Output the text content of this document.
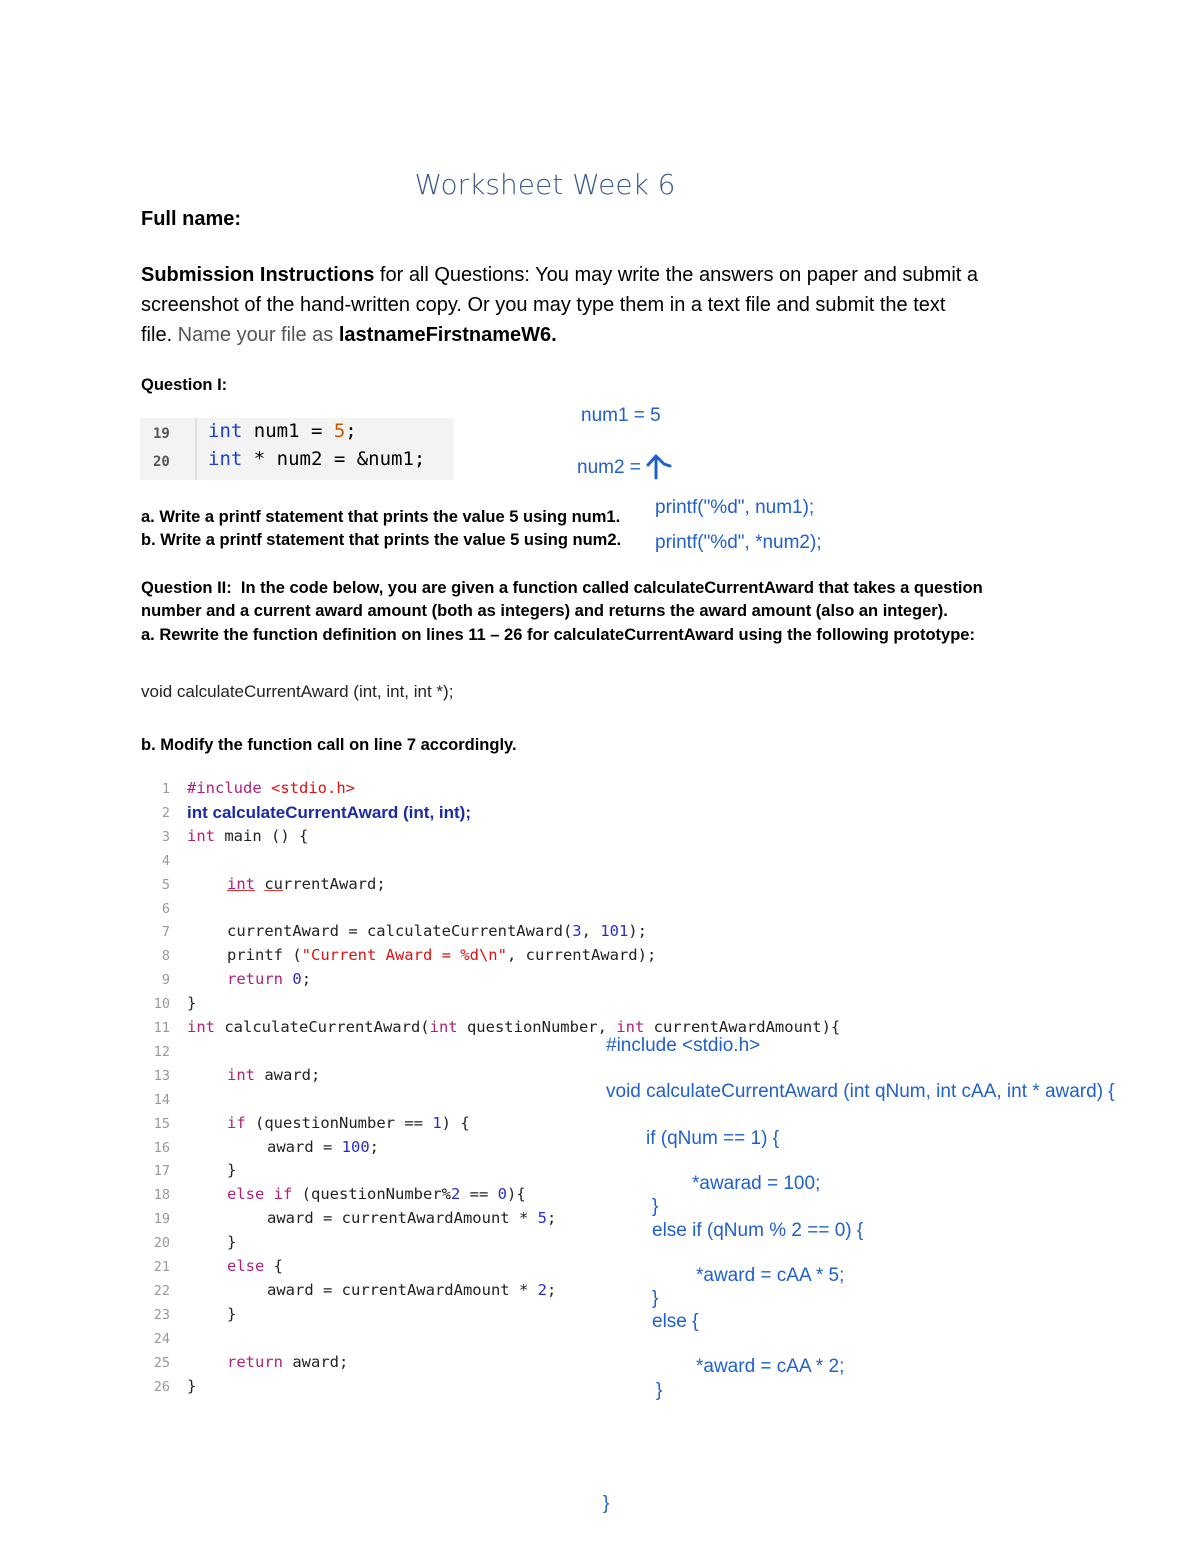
Worksheet Week 6
Full name:
Submission Instructions for all Questions: You may write the answers on paper and submit a
screenshot of the hand-written copy. Or you may type them in a text file and submit the text
file. Name your file as lastnameFirstnameW6.
Question I:
19 int num1 = 5;
20 int * num2 = &num1;
a. Write a printf statement that prints the value 5 using num1.
b. Write a printf statement that prints the value 5 using num2.
Question II:  In the code below, you are given a function called calculateCurrentAward that takes a question
number and a current award amount (both as integers) and returns the award amount (also an integer).
a. Rewrite the function definition on lines 11 – 26 for calculateCurrentAward using the following prototype:
void calculateCurrentAward (int, int, int *);
b. Modify the function call on line 7 accordingly.
1 #include <stdio.h>
2 int calculateCurrentAward (int, int);
3 int main () {
4
5	int currentAward;
6
7	currentAward = calculateCurrentAward(3, 101);
8	printf ("Current Award = %d\n", currentAward);
9	return 0;
10 }
11 int calculateCurrentAward(int questionNumber, int currentAwardAmount){
12
13	int award;
14
15	if (questionNumber == 1) {
16	award = 100;
17	}
18	else if (questionNumber%2 == 0){
19	award = currentAwardAmount * 5;
20	}
21	else {
22	award = currentAwardAmount * 2;
23	}
24
25	return award;
26 }
num1 = 5
num2 =
printf("%d", num1);
printf("%d", *num2);
#include <stdio.h>
void calculateCurrentAward (int qNum, int cAA, int * award) {
if (qNum == 1) {
*awarad = 100;
}
else if (qNum % 2 == 0) {
*award = cAA * 5;
}
else {
*award = cAA * 2;
}
}
